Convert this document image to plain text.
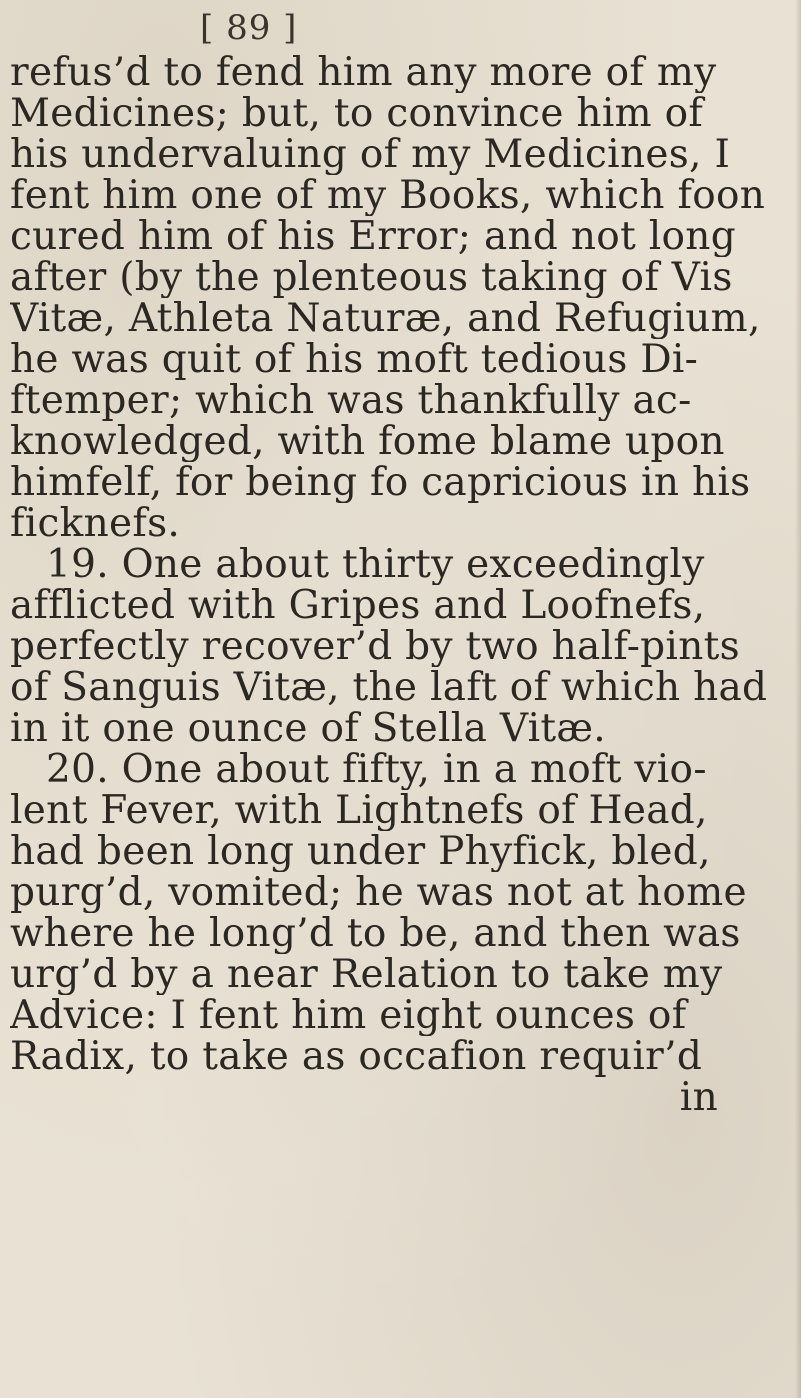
[ 89 ]
refus’d to fend him any more of my
Medicines; but, to convince him of
his undervaluing of my Medicines, I
fent him one of my Books, which foon
cured him of his Error; and not long
after (by the plenteous taking of Vis
Vitæ, Athleta Naturæ, and Refugium,
he was quit of his moft tedious Di-
ftemper; which was thankfully ac-
knowledged, with fome blame upon
himfelf, for being fo capricious in his
ficknefs.
19. One about thirty exceedingly
afflicted with Gripes and Loofnefs,
perfectly recover’d by two half-pints
of Sanguis Vitæ, the laft of which had
in it one ounce of Stella Vitæ.
20. One about fifty, in a moft vio-
lent Fever, with Lightnefs of Head,
had been long under Phyfick, bled,
purg’d, vomited; he was not at home
where he long’d to be, and then was
urg’d by a near Relation to take my
Advice: I fent him eight ounces of
Radix, to take as occafion requir’d
in
